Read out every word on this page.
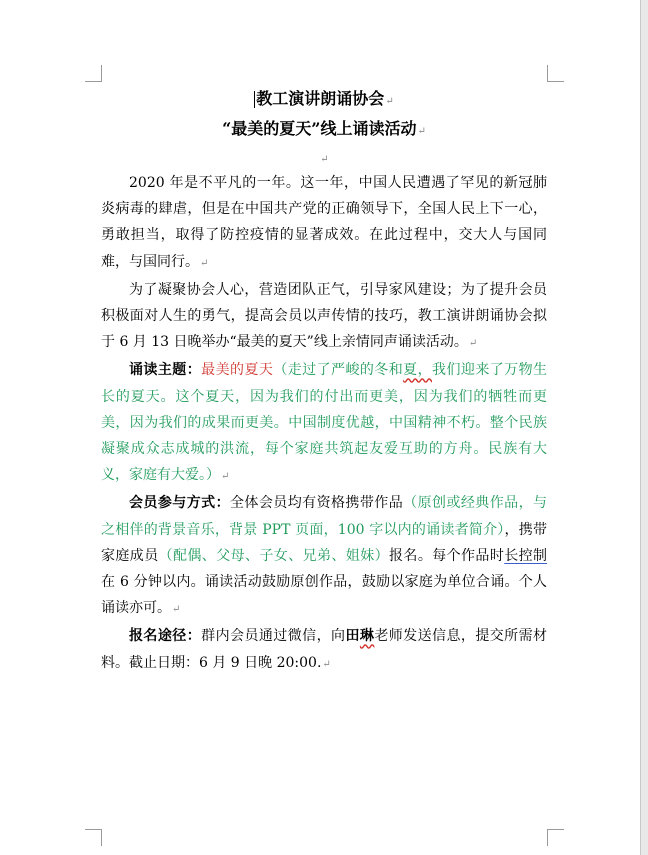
教工演讲朗诵协会↵
“最美的夏天”线上诵读活动↵
↵

2020 年是不平凡的一年。这一年，中国人民遭遇了罕见的新冠肺炎病毒的肆虐，但是在中国共产党的正确领导下，全国人民上下一心，勇敢担当，取得了防控疫情的显著成效。在此过程中，交大人与国同难，与国同行。↵

为了凝聚协会人心，营造团队正气，引导家风建设；为了提升会员积极面对人生的勇气，提高会员以声传情的技巧，教工演讲朗诵协会拟于 6 月 13 日晚举办“最美的夏天”线上亲情同声诵读活动。↵

诵读主题：最美的夏天（走过了严峻的冬和夏，我们迎来了万物生长的夏天。这个夏天，因为我们的付出而更美，因为我们的牺牲而更美，因为我们的成果而更美。中国制度优越，中国精神不朽。整个民族凝聚成众志成城的洪流，每个家庭共筑起友爱互助的方舟。民族有大义，家庭有大爱。）↵

会员参与方式：全体会员均有资格携带作品（原创或经典作品，与之相伴的背景音乐，背景 PPT 页面，100 字以内的诵读者简介），携带家庭成员（配偶、父母、子女、兄弟、姐妹）报名。每个作品时长控制在 6 分钟以内。诵读活动鼓励原创作品，鼓励以家庭为单位合诵。个人诵读亦可。↵

报名途径：群内会员通过微信，向田琳老师发送信息，提交所需材料。截止日期：6 月 9 日晚 20:00.↵
